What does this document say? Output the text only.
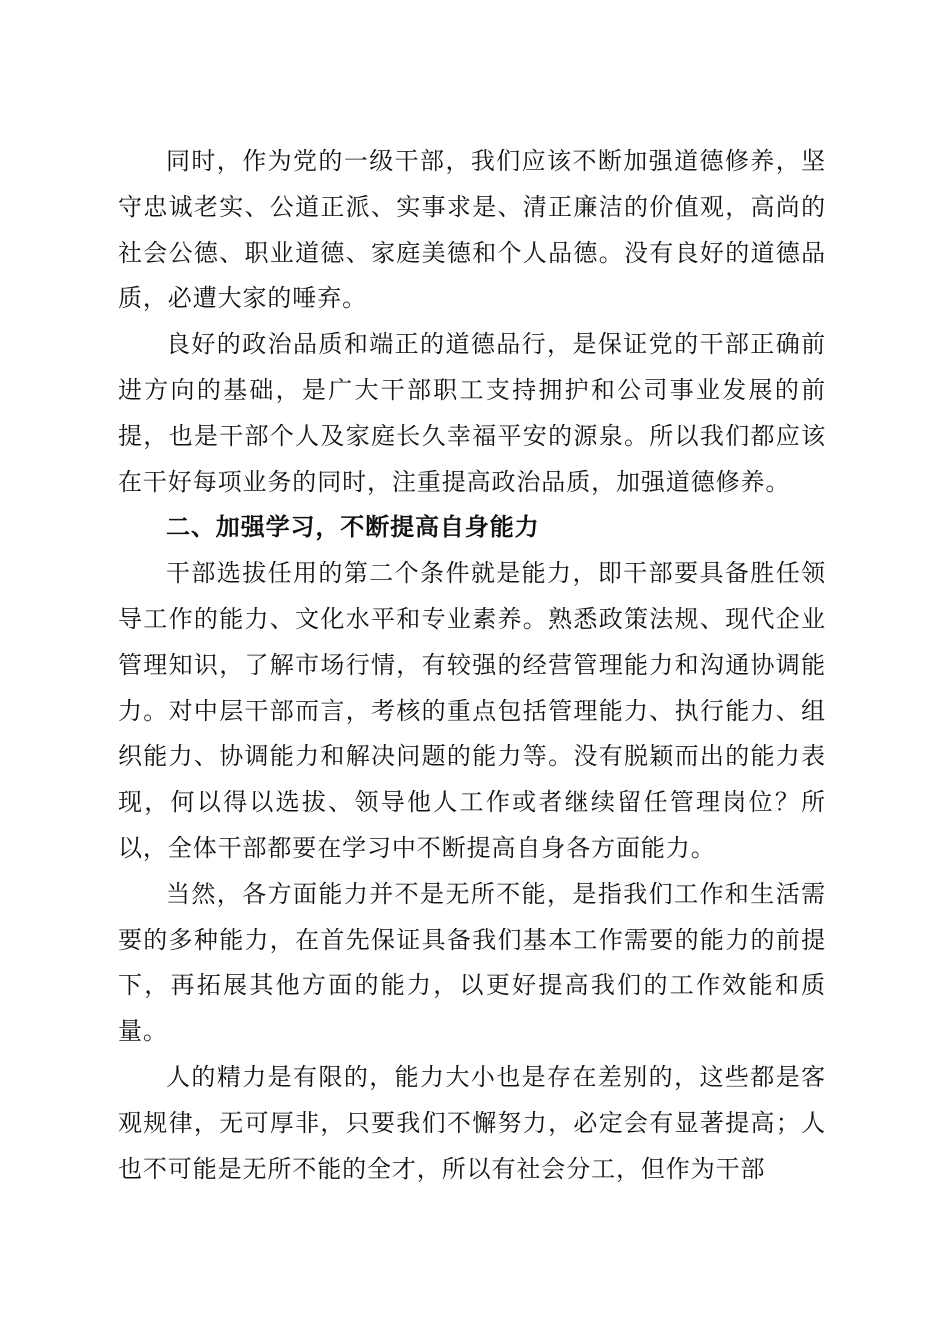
同时，作为党的一级干部，我们应该不断加强道德修养，坚守忠诚老实、公道正派、实事求是、清正廉洁的价值观，高尚的社会公德、职业道德、家庭美德和个人品德。没有良好的道德品质，必遭大家的唾弃。

良好的政治品质和端正的道德品行，是保证党的干部正确前进方向的基础，是广大干部职工支持拥护和公司事业发展的前提，也是干部个人及家庭长久幸福平安的源泉。所以我们都应该在干好每项业务的同时，注重提高政治品质，加强道德修养。

二、加强学习，不断提高自身能力

干部选拔任用的第二个条件就是能力，即干部要具备胜任领导工作的能力、文化水平和专业素养。熟悉政策法规、现代企业管理知识，了解市场行情，有较强的经营管理能力和沟通协调能力。对中层干部而言，考核的重点包括管理能力、执行能力、组织能力、协调能力和解决问题的能力等。没有脱颖而出的能力表现，何以得以选拔、领导他人工作或者继续留任管理岗位？所以，全体干部都要在学习中不断提高自身各方面能力。

当然，各方面能力并不是无所不能，是指我们工作和生活需要的多种能力，在首先保证具备我们基本工作需要的能力的前提下，再拓展其他方面的能力，以更好提高我们的工作效能和质量。

人的精力是有限的，能力大小也是存在差别的，这些都是客观规律，无可厚非，只要我们不懈努力，必定会有显著提高；人也不可能是无所不能的全才，所以有社会分工，但作为干部
